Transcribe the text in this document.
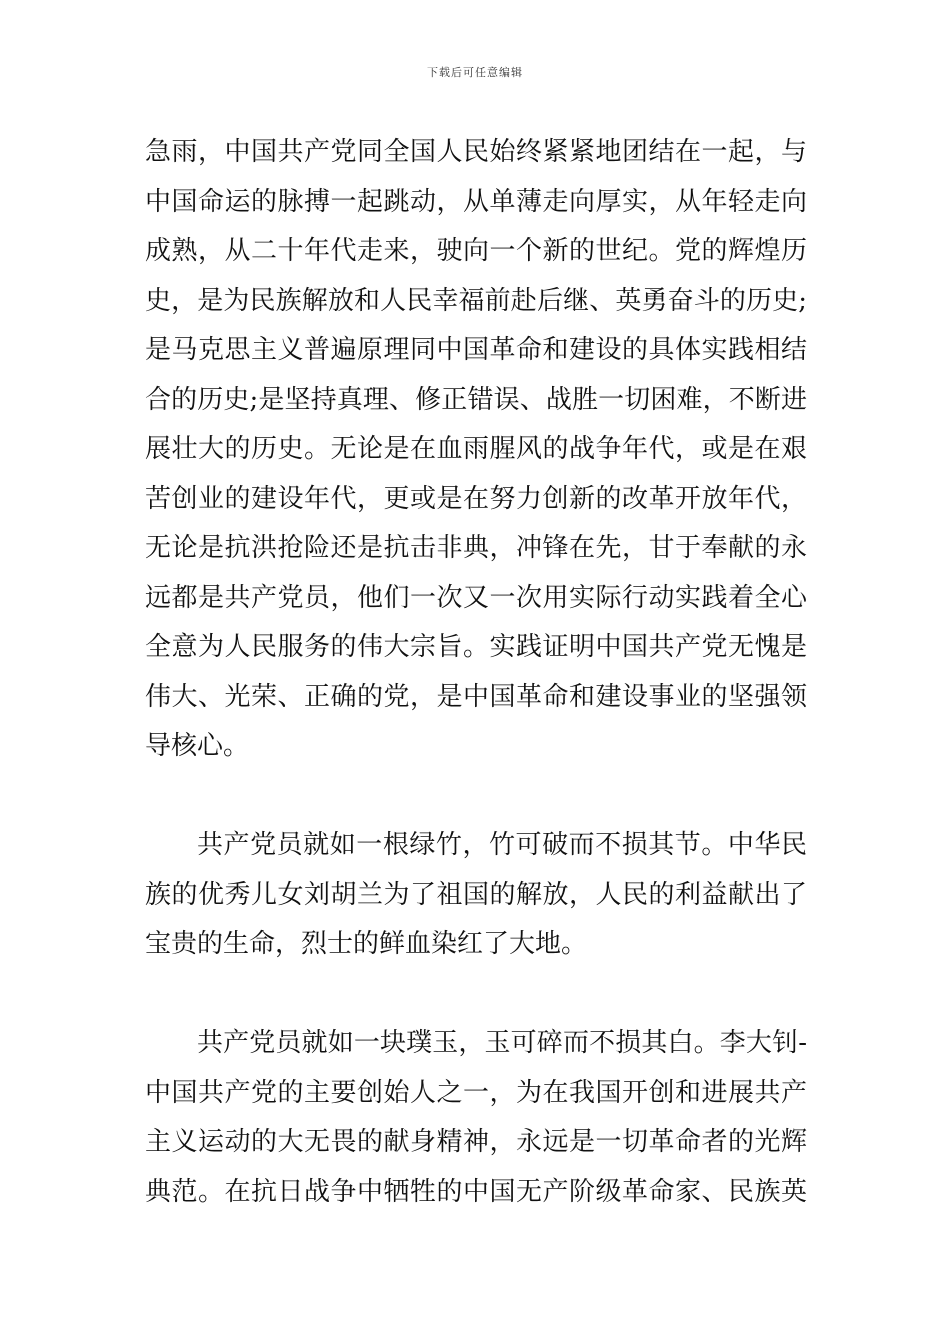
下载后可任意编辑
急雨，中国共产党同全国人民始终紧紧地团结在一起，与
中国命运的脉搏一起跳动，从单薄走向厚实，从年轻走向
成熟，从二十年代走来，驶向一个新的世纪。党的辉煌历
史，是为民族解放和人民幸福前赴后继、英勇奋斗的历史;
是马克思主义普遍原理同中国革命和建设的具体实践相结
合的历史;是坚持真理、修正错误、战胜一切困难，不断进
展壮大的历史。无论是在血雨腥风的战争年代，或是在艰
苦创业的建设年代，更或是在努力创新的改革开放年代，
无论是抗洪抢险还是抗击非典，冲锋在先，甘于奉献的永
远都是共产党员，他们一次又一次用实际行动实践着全心
全意为人民服务的伟大宗旨。实践证明中国共产党无愧是
伟大、光荣、正确的党，是中国革命和建设事业的坚强领
导核心。
共产党员就如一根绿竹，竹可破而不损其节。中华民
族的优秀儿女刘胡兰为了祖国的解放，人民的利益献出了
宝贵的生命，烈士的鲜血染红了大地。
共产党员就如一块璞玉，玉可碎而不损其白。李大钊-
中国共产党的主要创始人之一，为在我国开创和进展共产
主义运动的大无畏的献身精神，永远是一切革命者的光辉
典范。在抗日战争中牺牲的中国无产阶级革命家、民族英
